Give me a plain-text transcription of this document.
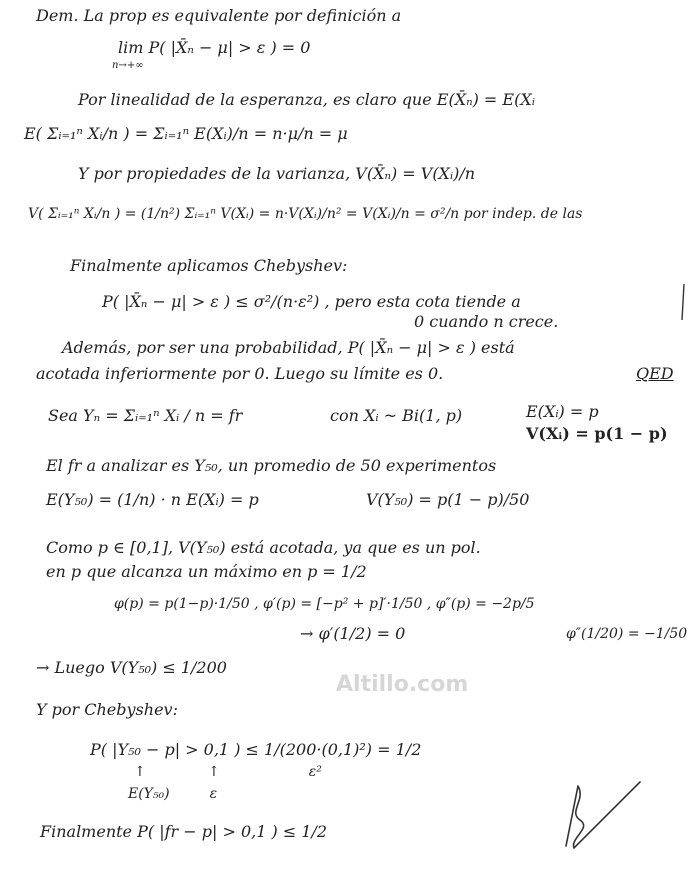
Dem. La prop es equivalente por definición a
lim P( |X̄ₙ − μ| > ε ) = 0
n→+∞
Por linealidad de la esperanza, es claro que E(X̄ₙ) = E(Xᵢ
E( Σᵢ₌₁ⁿ Xᵢ/n ) = Σᵢ₌₁ⁿ E(Xᵢ)/n = n·μ/n = μ
Y por propiedades de la varianza, V(X̄ₙ) = V(Xᵢ)/n
V( Σᵢ₌₁ⁿ Xᵢ/n ) = (1/n²) Σᵢ₌₁ⁿ V(Xᵢ) = n·V(Xᵢ)/n² = V(Xᵢ)/n = σ²/n por indep. de las
Finalmente aplicamos Chebyshev:
P( |X̄ₙ − μ| > ε ) ≤ σ²/(n·ε²) , pero esta cota tiende a
0 cuando n crece.
Además, por ser una probabilidad, P( |X̄ₙ − μ| > ε ) está
acotada inferiormente por 0. Luego su límite es 0.	QED
Sea Yₙ = Σᵢ₌₁ⁿ Xᵢ / n = fr	con Xᵢ ~ Bi(1, p)	E(Xᵢ) = p
V(Xᵢ) = p(1 − p)
El fr a analizar es Y₅₀, un promedio de 50 experimentos
E(Y₅₀) = (1/n) · n E(Xᵢ) = p	V(Y₅₀) = p(1 − p)/50
Como p ∈ [0,1], V(Y₅₀) está acotada, ya que es un pol.
en p que alcanza un máximo en p = 1/2
φ(p) = p(1−p)·1/50 , φ′(p) = [−p² + p]′·1/50 , φ″(p) = −2p/5
→ φ′(1/2) = 0	φ″(1/20) = −1/50
→ Luego V(Y₅₀) ≤ 1/200
Y por Chebyshev:
P( |Y₅₀ − p| > 0,1 ) ≤ 1/(200·(0,1)²) = 1/2
↑              ↑                    ε²
E(Y₅₀)         ε
Finalmente P( |fr − p| > 0,1 ) ≤ 1/2
Altillo.com
